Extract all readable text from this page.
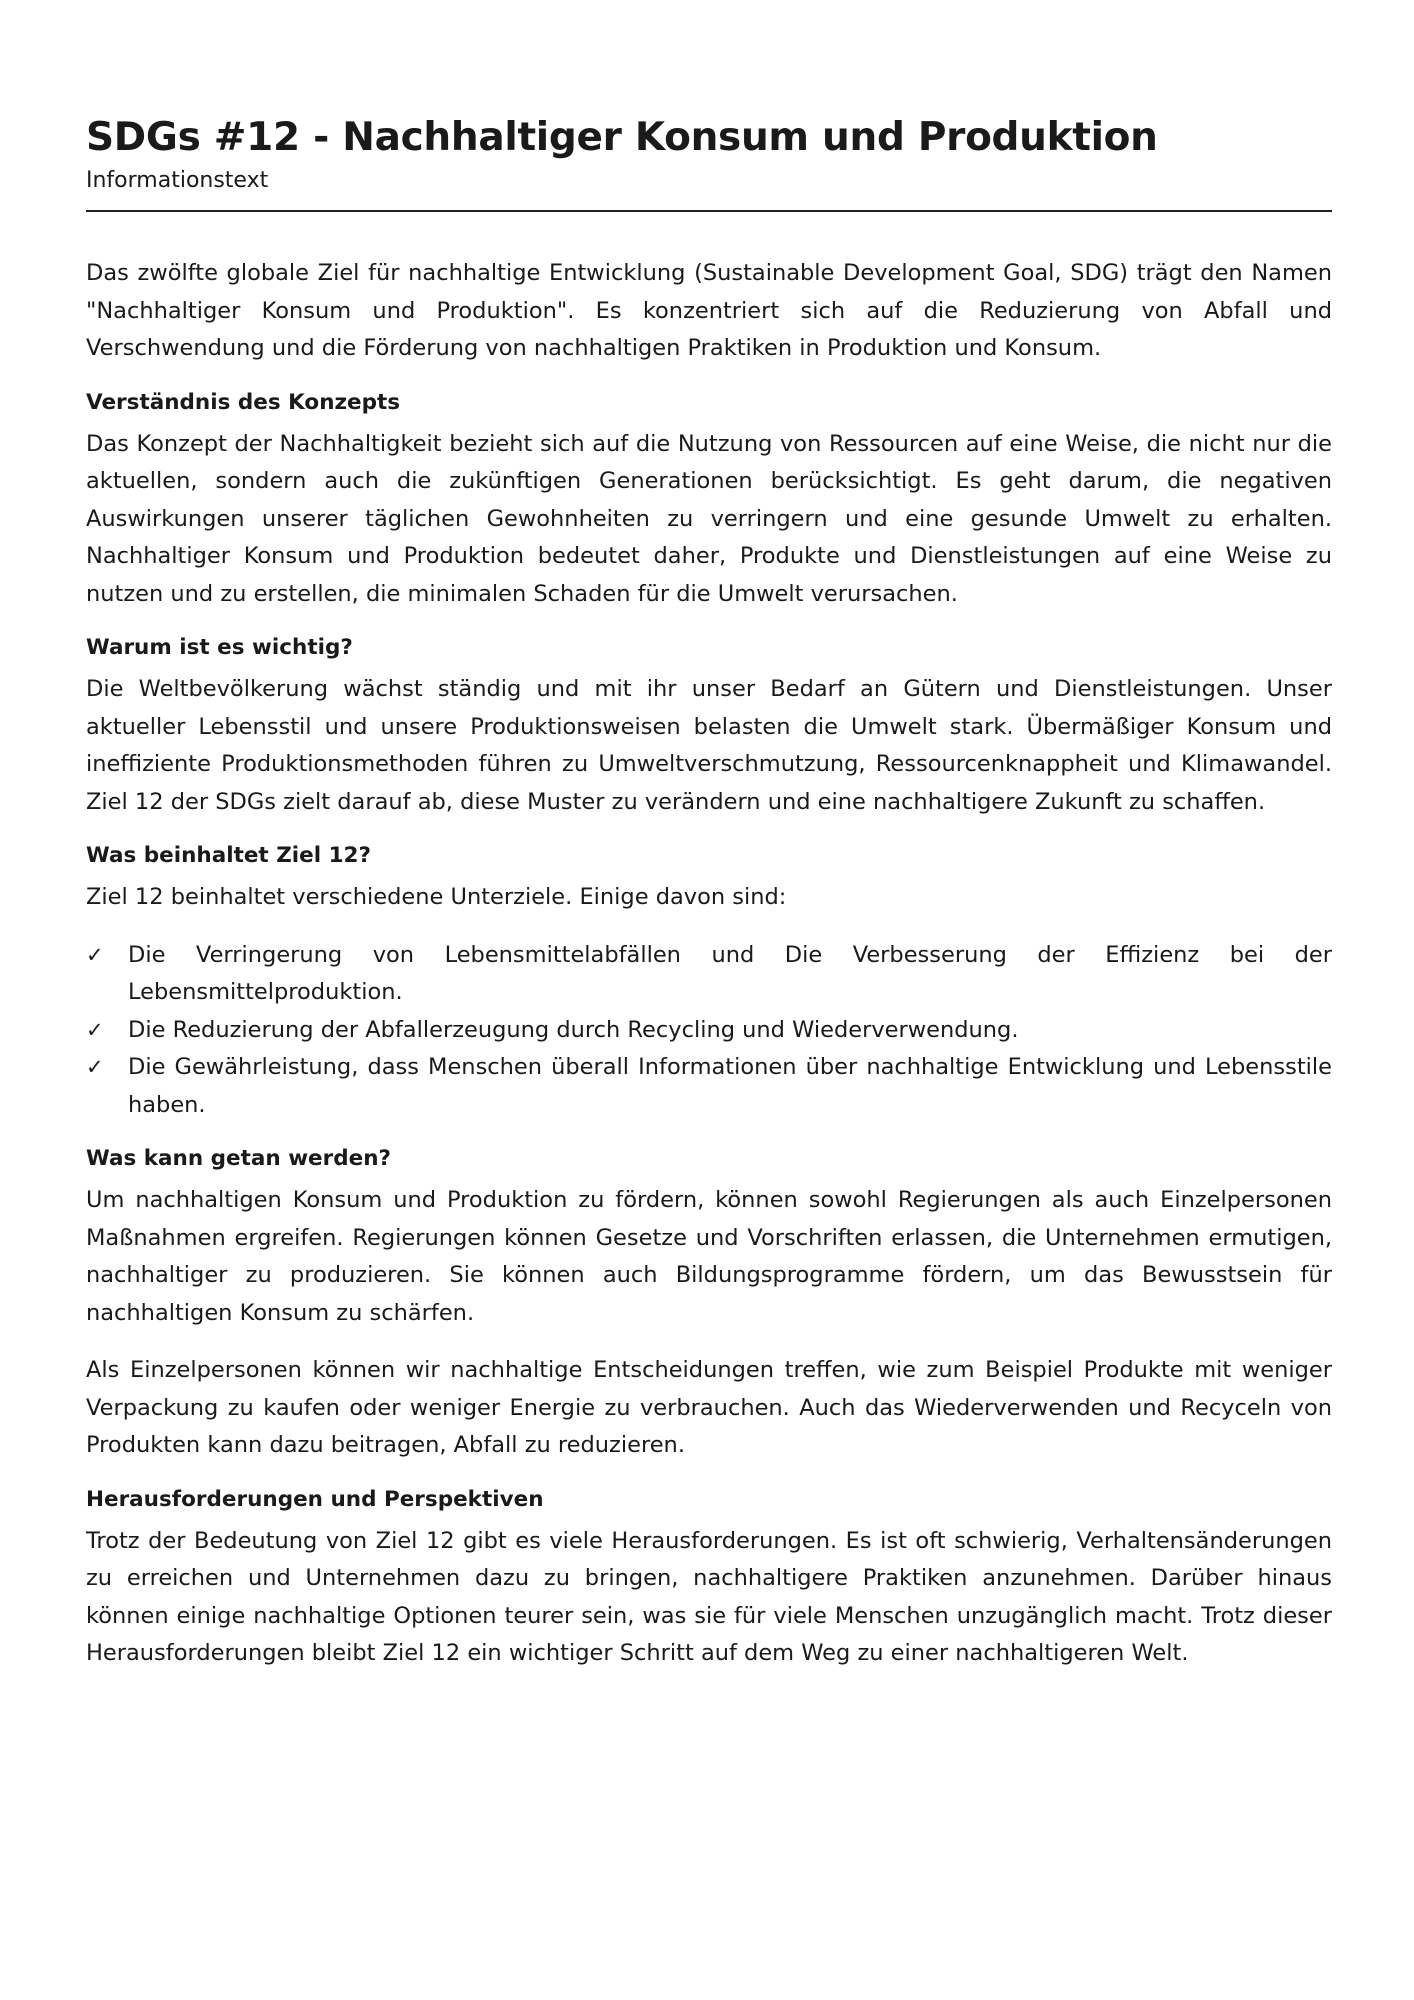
SDGs #12 - Nachhaltiger Konsum und Produktion

Informationstext

Das zwölfte globale Ziel für nachhaltige Entwicklung (Sustainable Development Goal, SDG) trägt den Namen "Nachhaltiger Konsum und Produktion". Es konzentriert sich auf die Reduzierung von Abfall und Verschwendung und die Förderung von nachhaltigen Praktiken in Produktion und Konsum.

Verständnis des Konzepts

Das Konzept der Nachhaltigkeit bezieht sich auf die Nutzung von Ressourcen auf eine Weise, die nicht nur die aktuellen, sondern auch die zukünftigen Generationen berücksichtigt. Es geht darum, die negativen Auswirkungen unserer täglichen Gewohnheiten zu verringern und eine gesunde Umwelt zu erhalten. Nachhaltiger Konsum und Produktion bedeutet daher, Produkte und Dienstleistungen auf eine Weise zu nutzen und zu erstellen, die minimalen Schaden für die Umwelt verursachen.

Warum ist es wichtig?

Die Weltbevölkerung wächst ständig und mit ihr unser Bedarf an Gütern und Dienstleistungen. Unser aktueller Lebensstil und unsere Produktionsweisen belasten die Umwelt stark. Übermäßiger Konsum und ineffiziente Produktionsmethoden führen zu Umweltverschmutzung, Ressourcenknappheit und Klimawandel. Ziel 12 der SDGs zielt darauf ab, diese Muster zu verändern und eine nachhaltigere Zukunft zu schaffen.

Was beinhaltet Ziel 12?

Ziel 12 beinhaltet verschiedene Unterziele. Einige davon sind:

✓ Die Verringerung von Lebensmittelabfällen und Die Verbesserung der Effizienz bei der Lebensmittelproduktion.
✓ Die Reduzierung der Abfallerzeugung durch Recycling und Wiederverwendung.
✓ Die Gewährleistung, dass Menschen überall Informationen über nachhaltige Entwicklung und Lebensstile haben.
Was kann getan werden?

Um nachhaltigen Konsum und Produktion zu fördern, können sowohl Regierungen als auch Einzelpersonen Maßnahmen ergreifen. Regierungen können Gesetze und Vorschriften erlassen, die Unternehmen ermutigen, nachhaltiger zu produzieren. Sie können auch Bildungsprogramme fördern, um das Bewusstsein für nachhaltigen Konsum zu schärfen.

Als Einzelpersonen können wir nachhaltige Entscheidungen treffen, wie zum Beispiel Produkte mit weniger Verpackung zu kaufen oder weniger Energie zu verbrauchen. Auch das Wiederverwenden und Recyceln von Produkten kann dazu beitragen, Abfall zu reduzieren.

Herausforderungen und Perspektiven

Trotz der Bedeutung von Ziel 12 gibt es viele Herausforderungen. Es ist oft schwierig, Verhaltensänderungen zu erreichen und Unternehmen dazu zu bringen, nachhaltigere Praktiken anzunehmen. Darüber hinaus können einige nachhaltige Optionen teurer sein, was sie für viele Menschen unzugänglich macht. Trotz dieser Herausforderungen bleibt Ziel 12 ein wichtiger Schritt auf dem Weg zu einer nachhaltigeren Welt.
